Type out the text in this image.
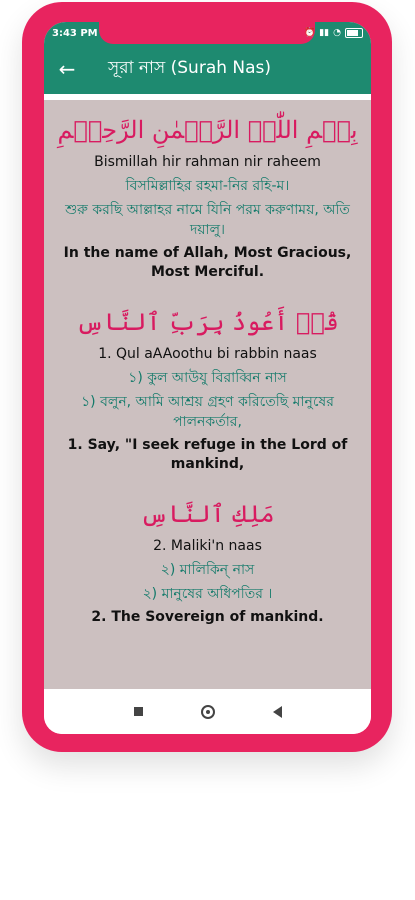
3:43 PM	⏰ ▮▮ ◔
← সূরা নাস (Surah Nas)
بِسۡمِ اللّٰہِ الرَّحۡمٰنِ الرَّحِیۡمِ
Bismillah hir rahman nir raheem
বিসমিল্লাহির রহমা-নির রহি-ম।
শুরু করছি আল্লাহর নামে যিনি পরম করুণাময়, অতি দয়ালু।
In the name of Allah, Most Gracious, Most Merciful.
قُلۡ أَعُوذُ بِرَبِّ ٱلنَّاسِ
1. Qul aAAoothu bi rabbin naas
১) কুল আউযু বিরাব্বিন নাস
১) বলুন, আমি আশ্রয় গ্রহণ করিতেছি মানুষের পালনকর্তার,
1. Say, "I seek refuge in the Lord of mankind,
مَلِكِ ٱلنَّاسِ
2. Maliki'n naas
২) মালিকিন্ নাস
২) মানুষের অধিপতির ।
2. The Sovereign of mankind.
